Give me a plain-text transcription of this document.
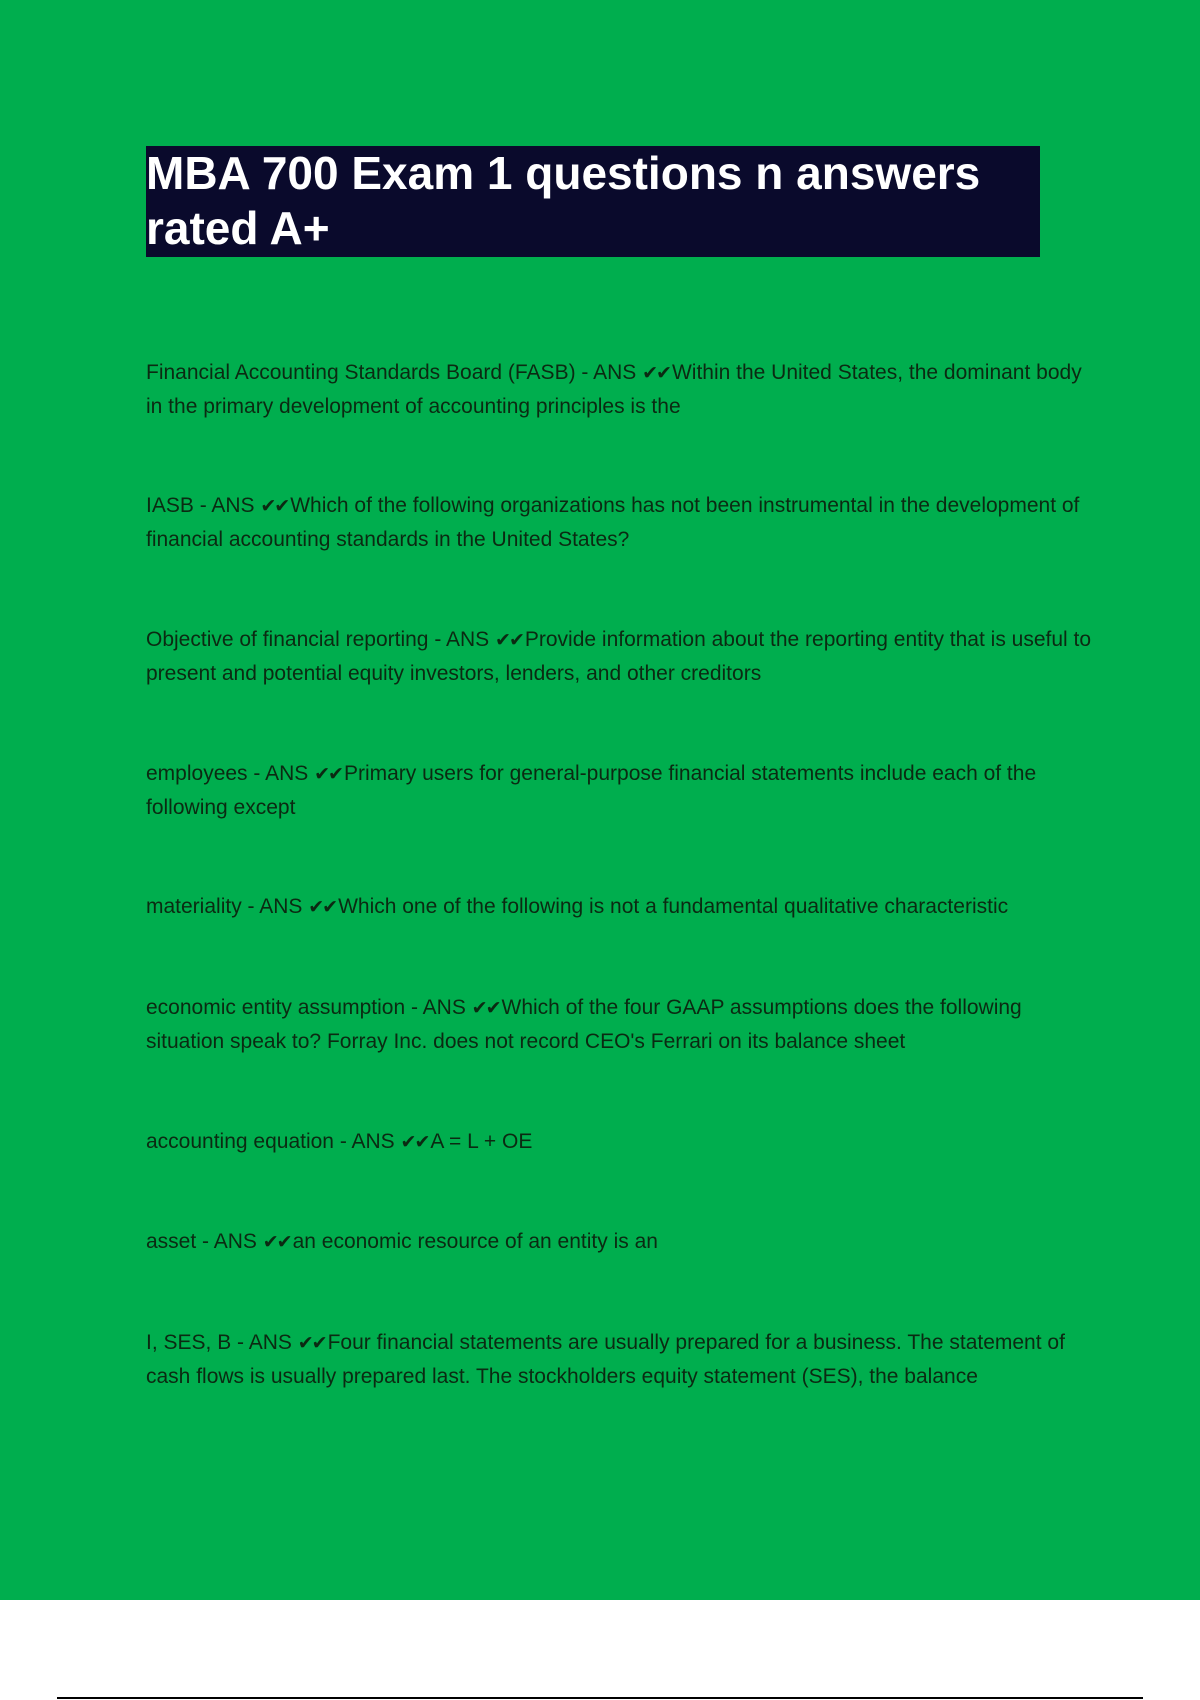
MBA 700 Exam 1 questions n answers rated A+
Financial Accounting Standards Board (FASB) - ANS ✔✔Within the United States, the dominant body in the primary development of accounting principles is the
IASB - ANS ✔✔Which of the following organizations has not been instrumental in the development of financial accounting standards in the United States?
Objective of financial reporting - ANS ✔✔Provide information about the reporting entity that is useful to present and potential equity investors, lenders, and other creditors
employees - ANS ✔✔Primary users for general-purpose financial statements include each of the following except
materiality - ANS ✔✔Which one of the following is not a fundamental qualitative characteristic
economic entity assumption - ANS ✔✔Which of the four GAAP assumptions does the following situation speak to? Forray Inc. does not record CEO's Ferrari on its balance sheet
accounting equation - ANS ✔✔A = L + OE
asset - ANS ✔✔an economic resource of an entity is an
I, SES, B - ANS ✔✔Four financial statements are usually prepared for a business. The statement of cash flows is usually prepared last. The stockholders equity statement (SES), the balance
